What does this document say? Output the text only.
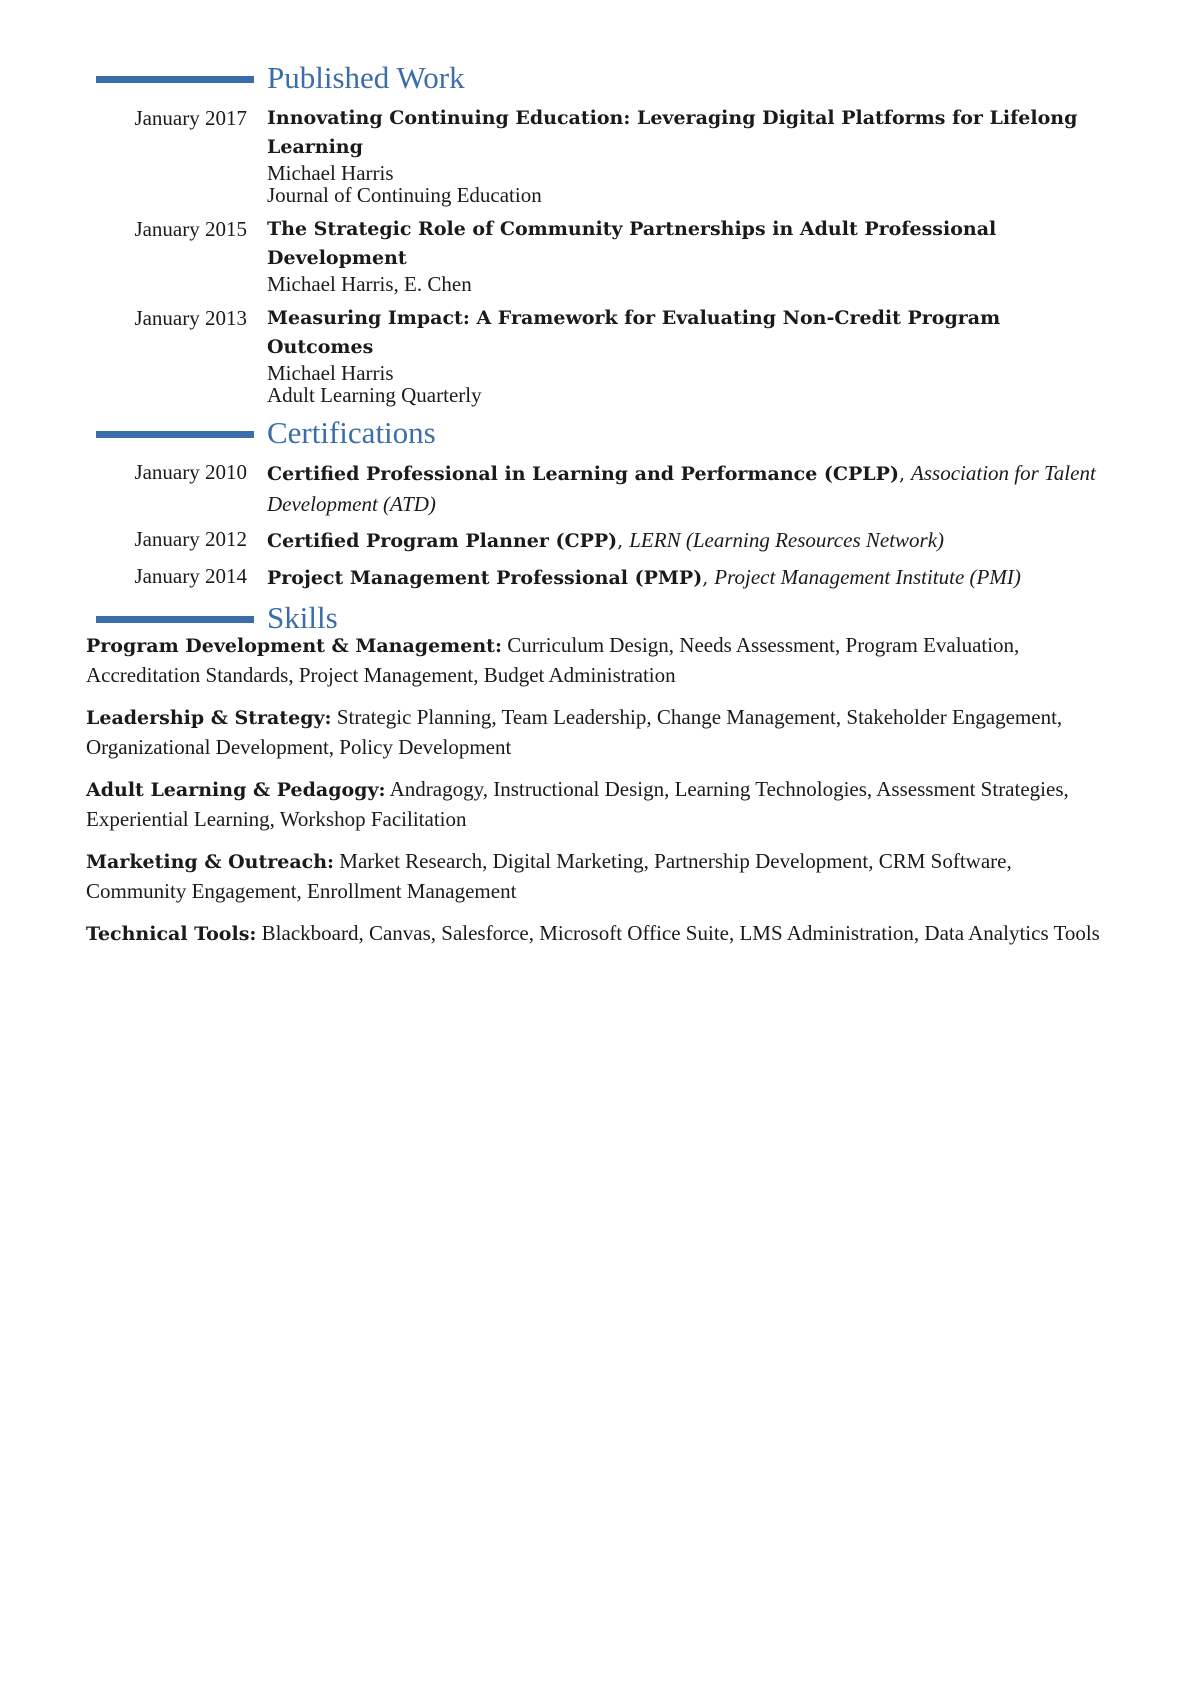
Published Work
January 2017 Innovating Continuing Education: Leveraging Digital Platforms for Lifelong Learning
Michael Harris
Journal of Continuing Education
January 2015 The Strategic Role of Community Partnerships in Adult Professional Development
Michael Harris, E. Chen
January 2013 Measuring Impact: A Framework for Evaluating Non-Credit Program Outcomes
Michael Harris
Adult Learning Quarterly
Certifications
January 2010 Certified Professional in Learning and Performance (CPLP), Association for Talent Development (ATD)
January 2012 Certified Program Planner (CPP), LERN (Learning Resources Network)
January 2014 Project Management Professional (PMP), Project Management Institute (PMI)
Skills
Program Development & Management: Curriculum Design, Needs Assessment, Program Evaluation, Accreditation Standards, Project Management, Budget Administration
Leadership & Strategy: Strategic Planning, Team Leadership, Change Management, Stakeholder Engagement, Organizational Development, Policy Development
Adult Learning & Pedagogy: Andragogy, Instructional Design, Learning Technologies, Assessment Strategies, Experiential Learning, Workshop Facilitation
Marketing & Outreach: Market Research, Digital Marketing, Partnership Development, CRM Software, Community Engagement, Enrollment Management
Technical Tools: Blackboard, Canvas, Salesforce, Microsoft Office Suite, LMS Administration, Data Analytics Tools
